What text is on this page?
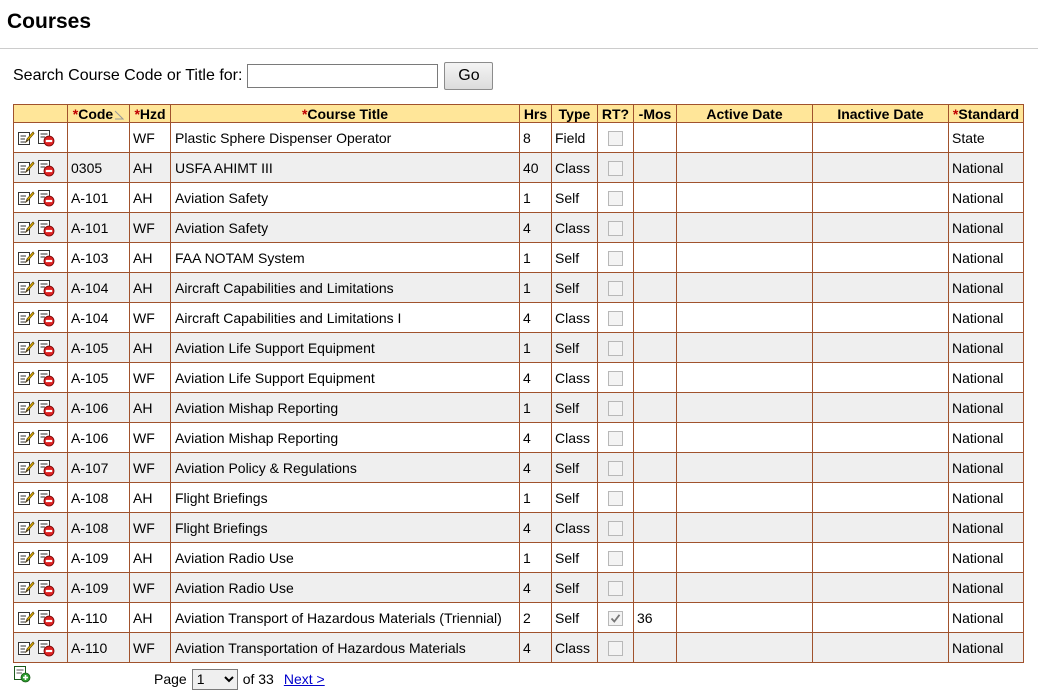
Courses
Search Course Code or Title for:	Go
	*Code	*Hzd	*Course Title	Hrs	Type	RT?	-Mos	Active Date	Inactive Date	*Standard

		WF	Plastic Sphere Dispenser Operator	8	Field					State

	0305	AH	USFA AHIMT III	40	Class					National

	A-101	AH	Aviation Safety	1	Self					National

	A-101	WF	Aviation Safety	4	Class					National

	A-103	AH	FAA NOTAM System	1	Self					National

	A-104	AH	Aircraft Capabilities and Limitations	1	Self					National

	A-104	WF	Aircraft Capabilities and Limitations I	4	Class					National

	A-105	AH	Aviation Life Support Equipment	1	Self					National

	A-105	WF	Aviation Life Support Equipment	4	Class					National

	A-106	AH	Aviation Mishap Reporting	1	Self					National

	A-106	WF	Aviation Mishap Reporting	4	Class					National

	A-107	WF	Aviation Policy & Regulations	4	Self					National

	A-108	AH	Flight Briefings	1	Self					National

	A-108	WF	Flight Briefings	4	Class					National

	A-109	AH	Aviation Radio Use	1	Self					National

	A-109	WF	Aviation Radio Use	4	Self					National

	A-110	AH	Aviation Transport of Hazardous Materials (Triennial)	2	Self		36			National

	A-110	WF	Aviation Transportation of Hazardous Materials	4	Class					National
Page
1	of 33 Next >
